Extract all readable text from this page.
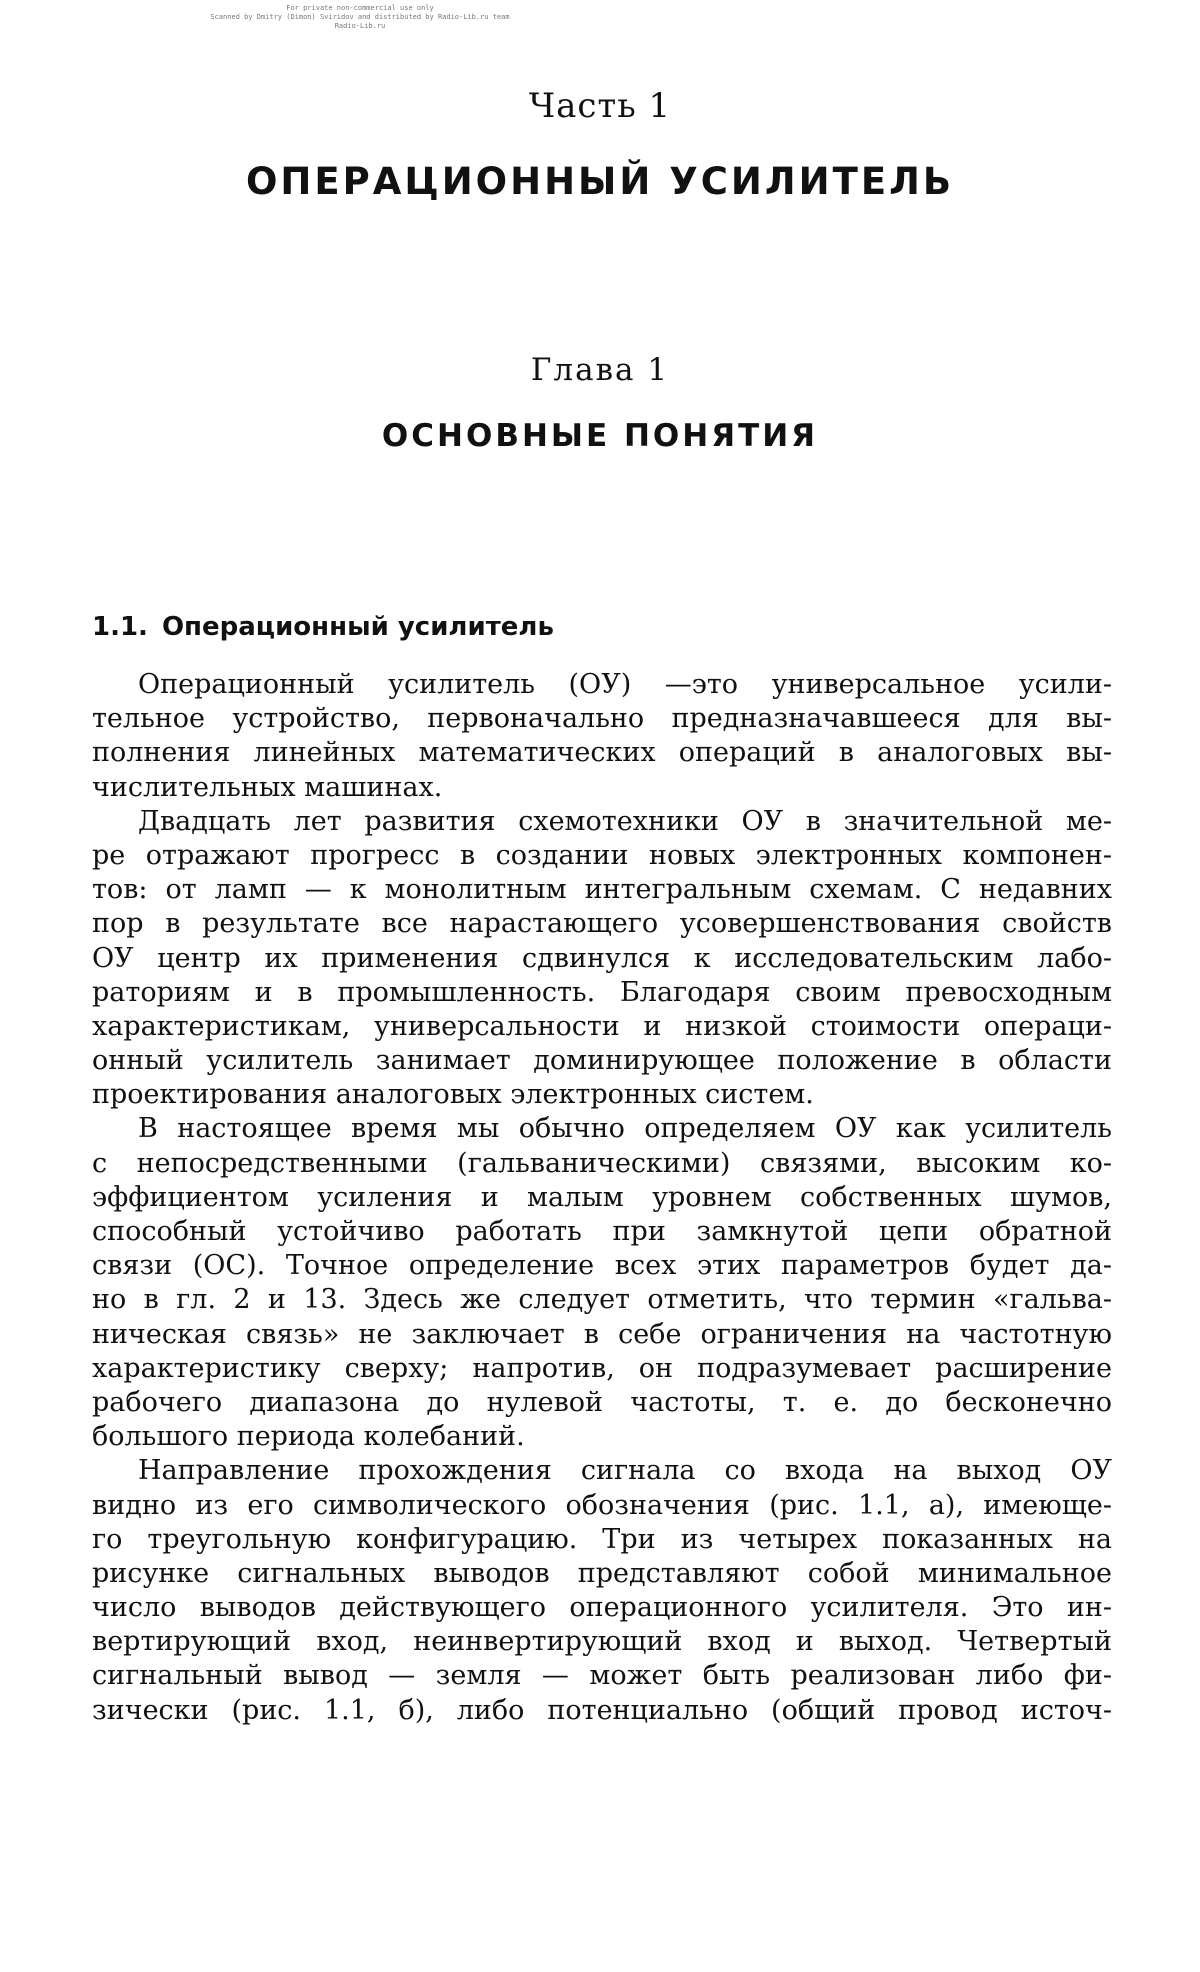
For private non-commercial use only
Scanned by Dmitry (Dimon) Sviridov and distributed by Radio-Lib.ru team
Radio-Lib.ru
Часть 1
ОПЕРАЦИОННЫЙ УСИЛИТЕЛЬ
Глава 1
ОСНОВНЫЕ ПОНЯТИЯ
1.1. Операционный усилитель
Операционный усилитель (ОУ) —это универсальное усили-
тельное устройство, первоначально предназначавшееся для вы-
полнения линейных математических операций в аналоговых вы-
числительных машинах.
Двадцать лет развития схемотехники ОУ в значительной ме-
ре отражают прогресс в создании новых электронных компонен-
тов: от ламп — к монолитным интегральным схемам. С недавних
пор в результате все нарастающего усовершенствования свойств
ОУ центр их применения сдвинулся к исследовательским лабо-
раториям и в промышленность. Благодаря своим превосходным
характеристикам, универсальности и низкой стоимости операци-
онный усилитель занимает доминирующее положение в области
проектирования аналоговых электронных систем.
В настоящее время мы обычно определяем ОУ как усилитель
с непосредственными (гальваническими) связями, высоким ко-
эффициентом усиления и малым уровнем собственных шумов,
способный устойчиво работать при замкнутой цепи обратной
связи (ОС). Точное определение всех этих параметров будет да-
но в гл. 2 и 13. Здесь же следует отметить, что термин «гальва-
ническая связь» не заключает в себе ограничения на частотную
характеристику сверху; напротив, он подразумевает расширение
рабочего диапазона до нулевой частоты, т. е. до бесконечно
большого периода колебаний.
Направление прохождения сигнала со входа на выход ОУ
видно из его символического обозначения (рис. 1.1, а), имеюще-
го треугольную конфигурацию. Три из четырех показанных на
рисунке сигнальных выводов представляют собой минимальное
число выводов действующего операционного усилителя. Это ин-
вертирующий вход, неинвертирующий вход и выход. Четвертый
сигнальный вывод — земля — может быть реализован либо фи-
зически (рис. 1.1, б), либо потенциально (общий провод источ-
